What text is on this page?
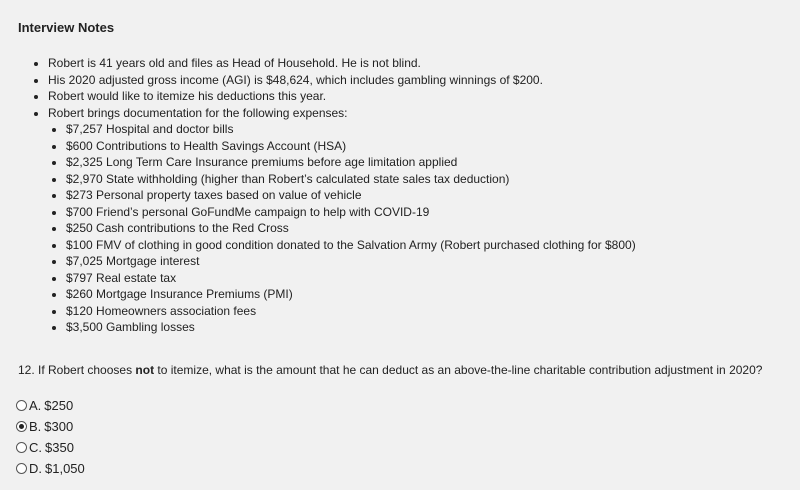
Interview Notes
• Robert is 41 years old and files as Head of Household. He is not blind.
• His 2020 adjusted gross income (AGI) is $48,624, which includes gambling winnings of $200.
• Robert would like to itemize his deductions this year.
• Robert brings documentation for the following expenses:
• $7,257 Hospital and doctor bills
• $600 Contributions to Health Savings Account (HSA)
• $2,325 Long Term Care Insurance premiums before age limitation applied
• $2,970 State withholding (higher than Robert’s calculated state sales tax deduction)
• $273 Personal property taxes based on value of vehicle
• $700 Friend’s personal GoFundMe campaign to help with COVID-19
• $250 Cash contributions to the Red Cross
• $100 FMV of clothing in good condition donated to the Salvation Army (Robert purchased clothing for $800)
• $7,025 Mortgage interest
• $797 Real estate tax
• $260 Mortgage Insurance Premiums (PMI)
• $120 Homeowners association fees
• $3,500 Gambling losses
12. If Robert chooses not to itemize, what is the amount that he can deduct as an above-the-line charitable contribution adjustment in 2020?
A. $250
B. $300
C. $350
D. $1,050
